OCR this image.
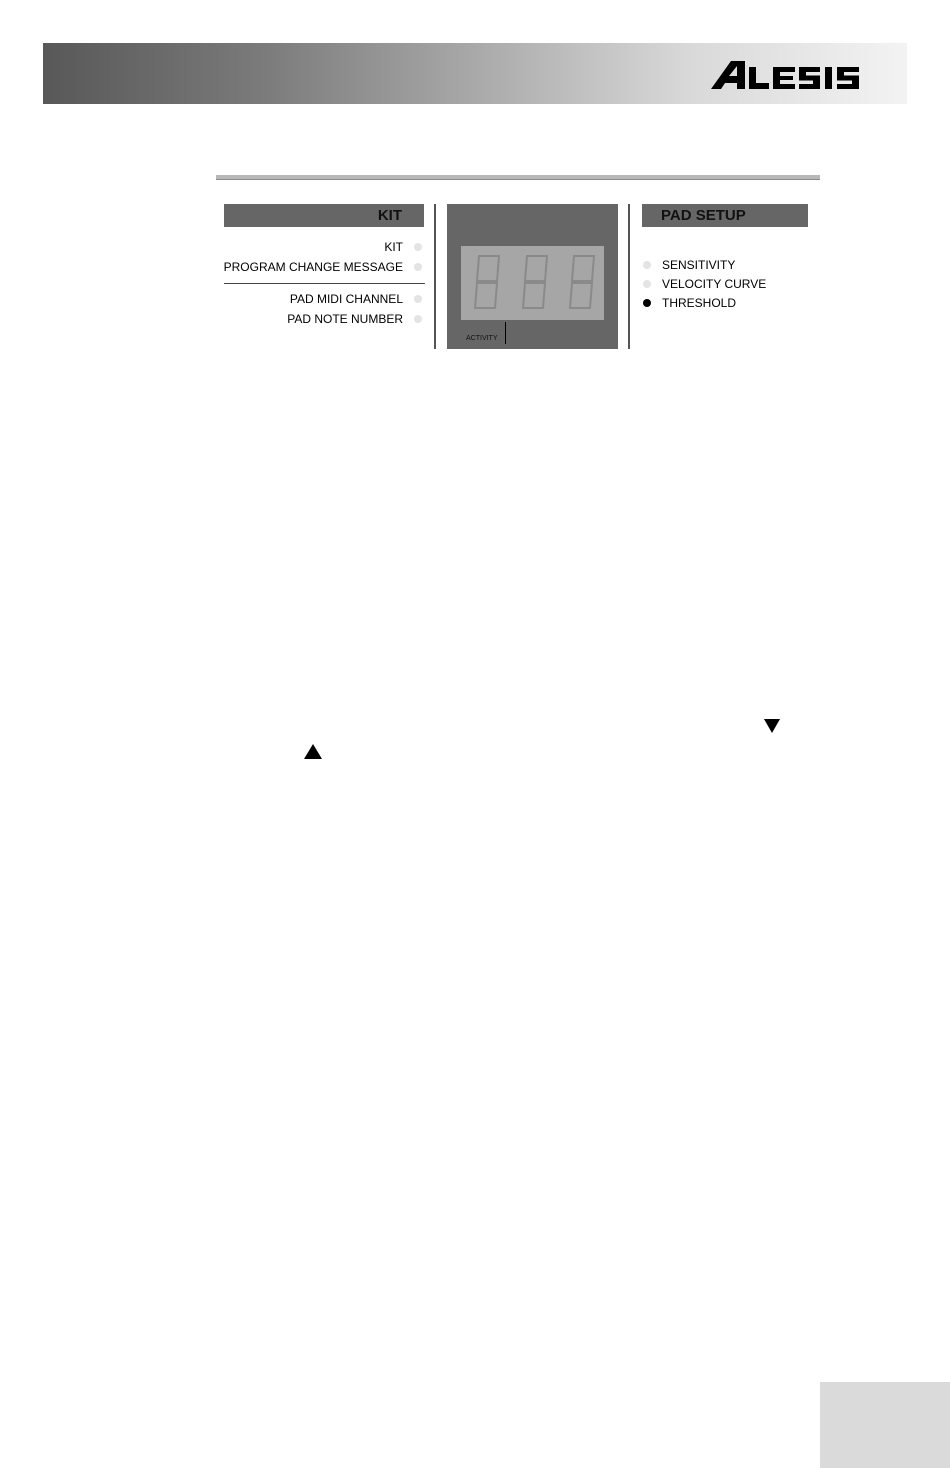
KIT
KIT
PROGRAM CHANGE MESSAGE
PAD MIDI CHANNEL
PAD NOTE NUMBER
ACTIVITY
PAD SETUP
SENSITIVITY
VELOCITY CURVE
THRESHOLD
